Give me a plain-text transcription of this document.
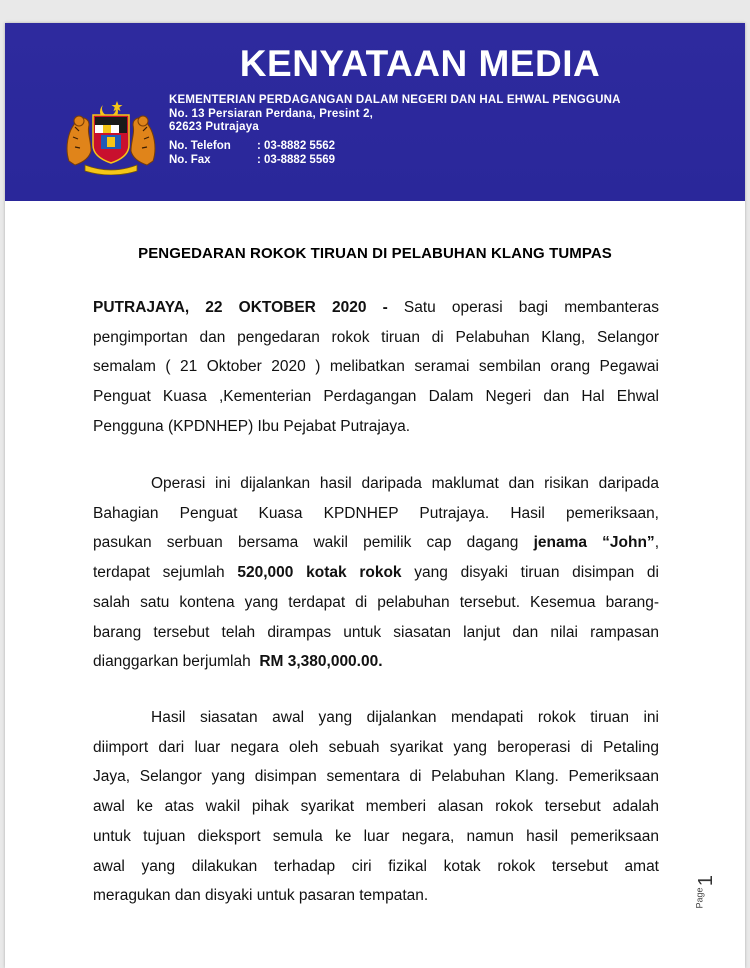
KENYATAAN MEDIA
KEMENTERIAN PERDAGANGAN DALAM NEGERI DAN HAL EHWAL PENGGUNA
No. 13 Persiaran Perdana, Presint 2,
62623 Putrajaya
No. Telefon : 03-8882 5562
No. Fax	: 03-8882 5569
PENGEDARAN ROKOK TIRUAN DI PELABUHAN KLANG TUMPAS
PUTRAJAYA, 22 OKTOBER 2020 - Satu operasi bagi membanteras
pengimportan dan pengedaran rokok tiruan di Pelabuhan Klang, Selangor
semalam ( 21 Oktober 2020 ) melibatkan seramai sembilan orang Pegawai
Penguat Kuasa ,Kementerian Perdagangan Dalam Negeri dan Hal Ehwal
Pengguna (KPDNHEP) Ibu Pejabat Putrajaya.
Operasi ini dijalankan hasil daripada maklumat dan risikan daripada
Bahagian Penguat Kuasa KPDNHEP Putrajaya. Hasil pemeriksaan,
pasukan serbuan bersama wakil pemilik cap dagang jenama “John”,
terdapat sejumlah 520,000 kotak rokok yang disyaki tiruan disimpan di
salah satu kontena yang terdapat di pelabuhan tersebut. Kesemua barang-
barang tersebut telah dirampas untuk siasatan lanjut dan nilai rampasan
dianggarkan berjumlah  RM 3,380,000.00.
Hasil siasatan awal yang dijalankan mendapati rokok tiruan ini
diimport dari luar negara oleh sebuah syarikat yang beroperasi di Petaling
Jaya, Selangor yang disimpan sementara di Pelabuhan Klang. Pemeriksaan
awal ke atas wakil pihak syarikat memberi alasan rokok tersebut adalah
untuk tujuan dieksport semula ke luar negara, namun hasil pemeriksaan
awal yang dilakukan terhadap ciri fizikal kotak rokok tersebut amat
meragukan dan disyaki untuk pasaran tempatan.
1
Page
